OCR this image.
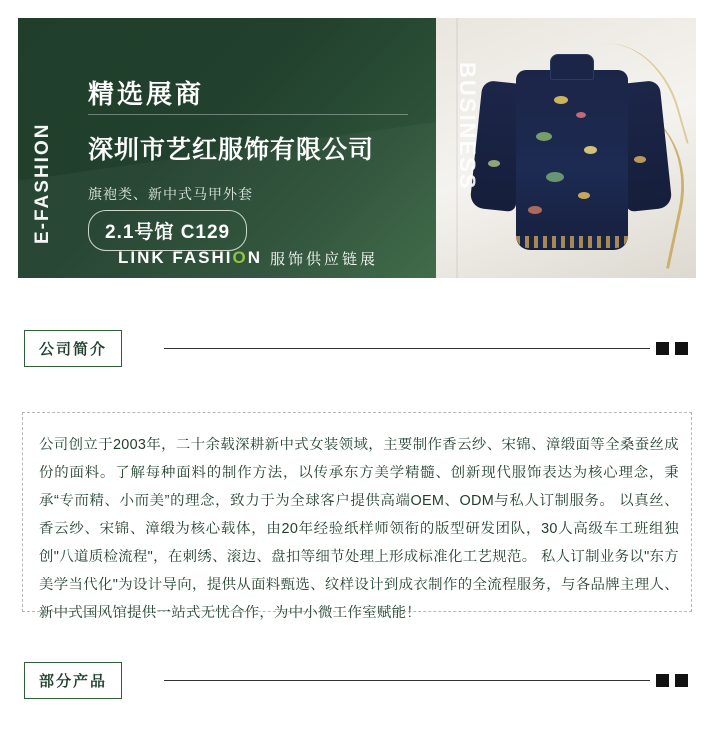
E-FASHION	BUSINESS
精选展商
深圳市艺红服饰有限公司
旗袍类、新中式马甲外套
2.1号馆 C129
LINK FASHION 服饰供应链展
公司简介
公司创立于2003年，二十余载深耕新中式女装领域，主要制作香云纱、宋锦、漳缎面等全桑蚕丝成份的面料。了解每种面料的制作方法，以传承东方美学精髓、创新现代服饰表达为核心理念，秉承“专而精、小而美”的理念，致力于为全球客户提供高端OEM、ODM与私人订制服务。 以真丝、香云纱、宋锦、漳缎为核心载体，由20年经验纸样师领衔的版型研发团队，30人高级车工班组独创"八道质检流程"，在刺绣、滚边、盘扣等细节处理上形成标准化工艺规范。 私人订制业务以"东方美学当代化"为设计导向，提供从面料甄选、纹样设计到成衣制作的全流程服务，与各品牌主理人、新中式国风馆提供一站式无忧合作，为中小微工作室赋能！
部分产品
